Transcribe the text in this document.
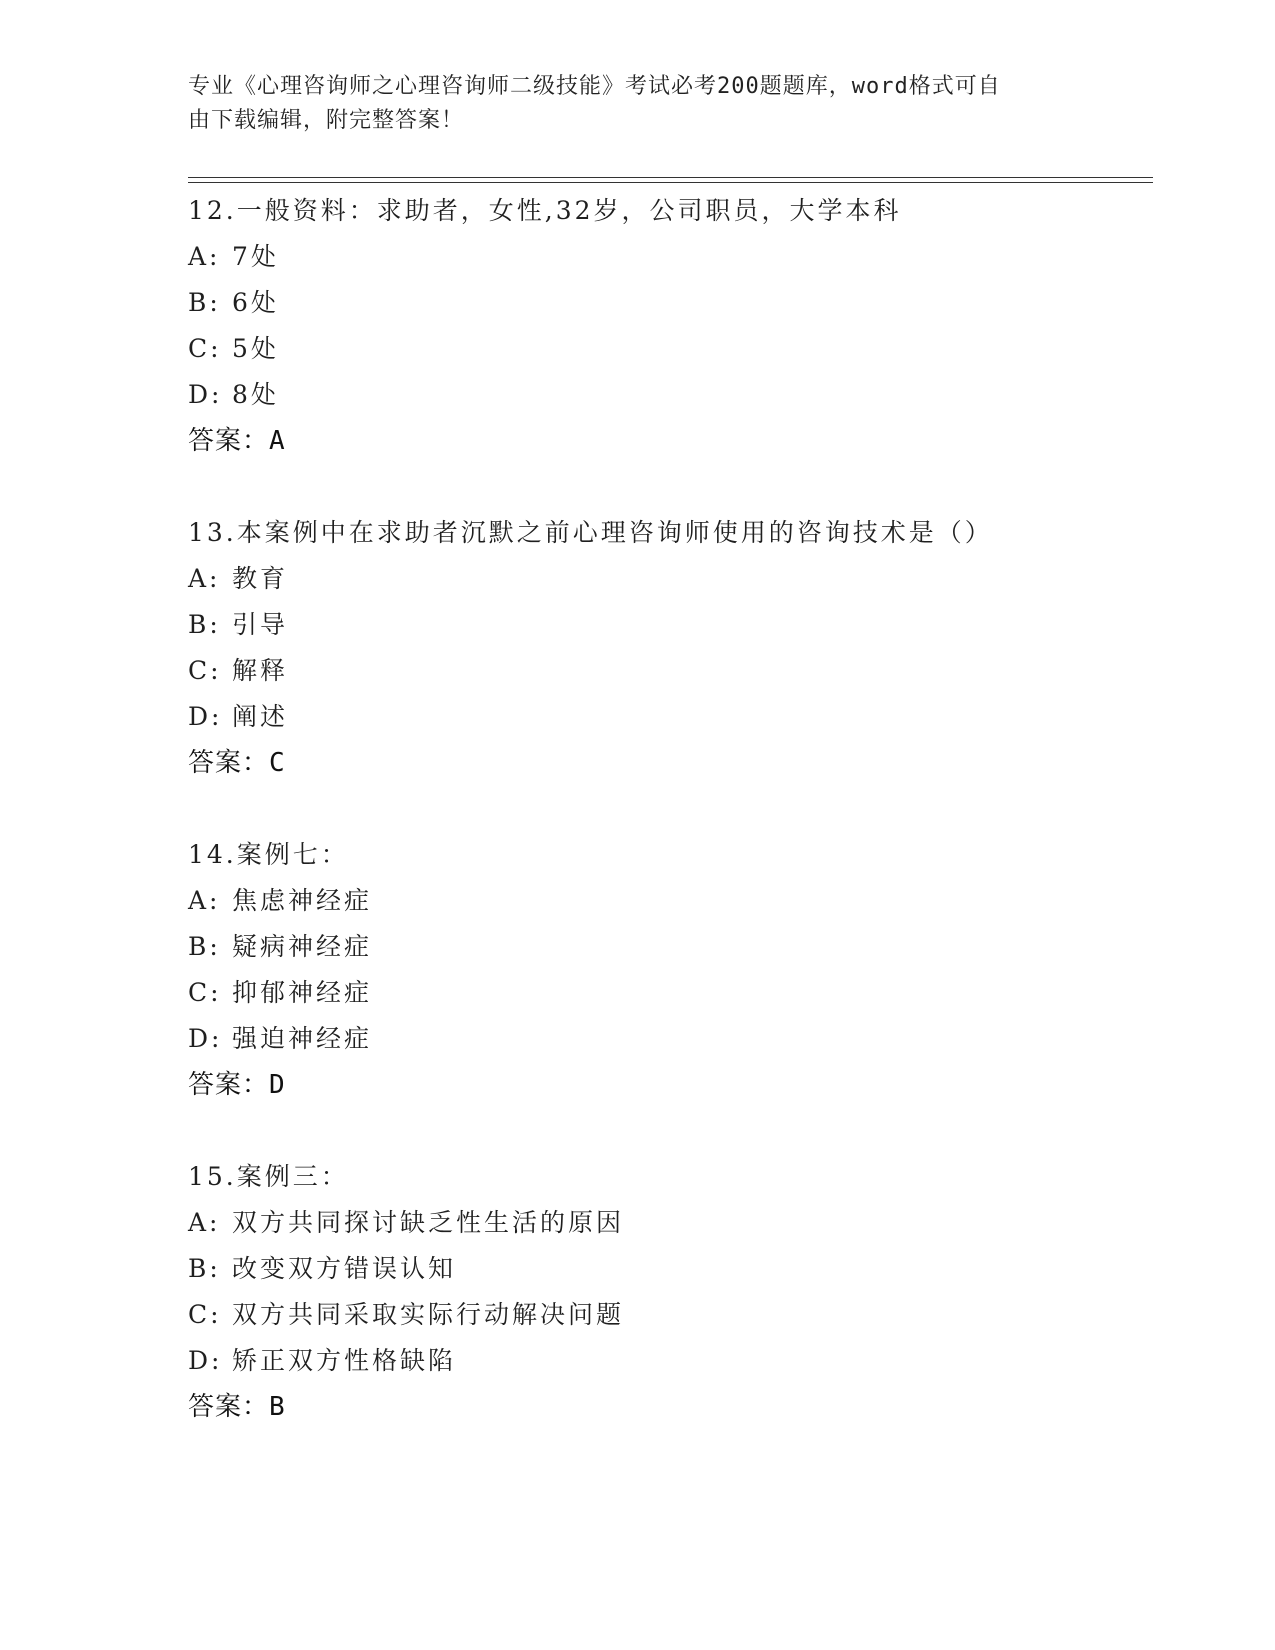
专业《心理咨询师之心理咨询师二级技能》考试必考200题题库，word格式可自
由下载编辑，附完整答案！
12.一般资料：求助者，女性,32岁，公司职员，大学本科
A: 7处
B: 6处
C: 5处
D: 8处
答案：A
13.本案例中在求助者沉默之前心理咨询师使用的咨询技术是（）
A: 教育
B: 引导
C: 解释
D: 阐述
答案：C
14.案例七：
A: 焦虑神经症
B: 疑病神经症
C: 抑郁神经症
D: 强迫神经症
答案：D
15.案例三：
A: 双方共同探讨缺乏性生活的原因
B: 改变双方错误认知
C: 双方共同采取实际行动解决问题
D: 矫正双方性格缺陷
答案：B
